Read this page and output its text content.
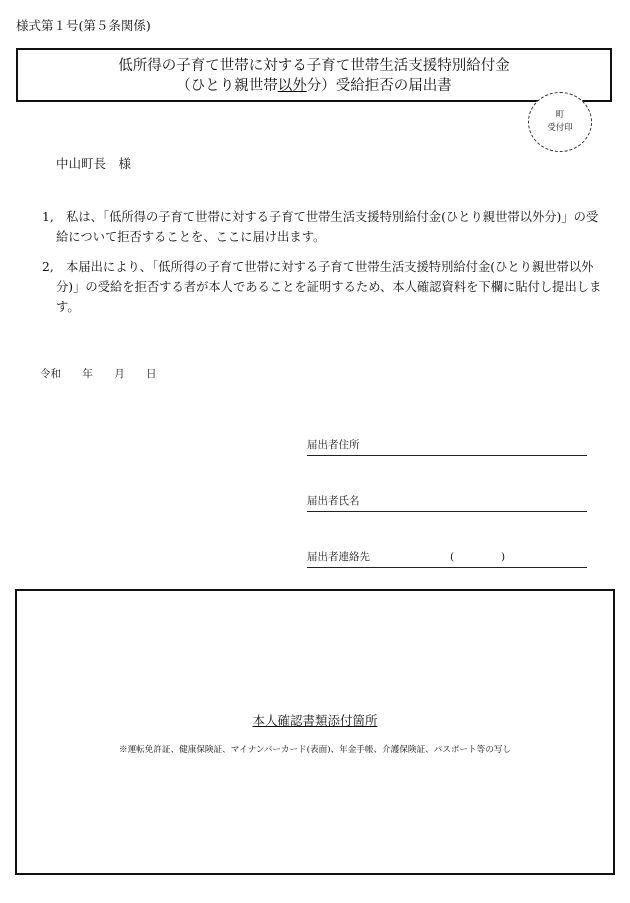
様式第１号(第５条関係)
低所得の子育て世帯に対する子育て世帯生活支援特別給付金
（ひとり親世帯以外分）受給拒否の届出書
町
受付印
中山町長　様
1,　私は、「低所得の子育て世帯に対する子育て世帯生活支援特別給付金(ひとり親世帯以外分)」の受給について拒否することを、ここに届け出ます。
2,　本届出により、「低所得の子育て世帯に対する子育て世帯生活支援特別給付金(ひとり親世帯以外分)」の受給を拒否する者が本人であることを証明するため、本人確認資料を下欄に貼付し提出します。
令和 年 月 日
届出者住所
届出者氏名
届出者連絡先	(	)
本人確認書類添付箇所
※運転免許証、健康保険証、マイナンバーカード(表面)、年金手帳、介護保険証、パスポート等の写し
